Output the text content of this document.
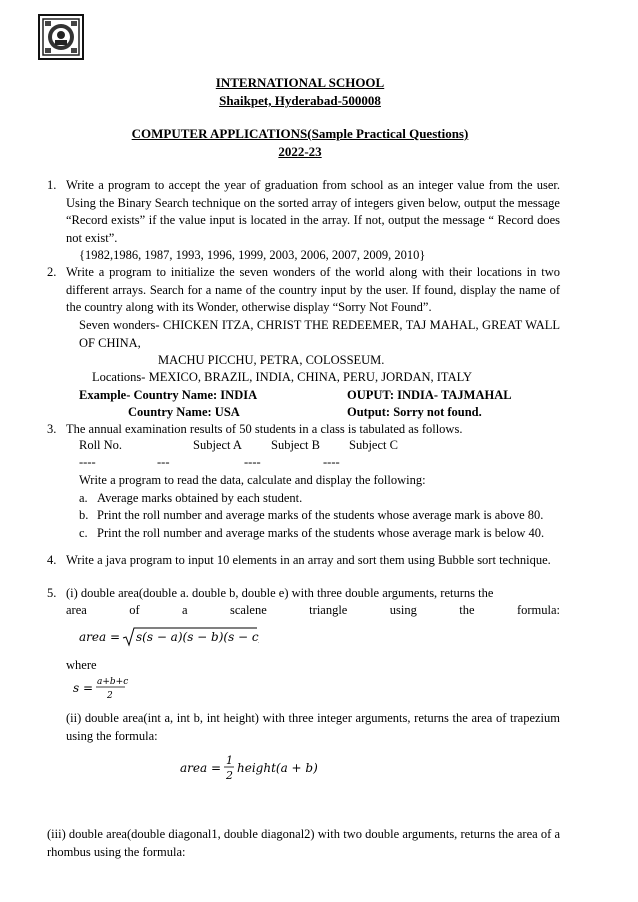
INTERNATIONAL SCHOOL
Shaikpet, Hyderabad-500008
COMPUTER APPLICATIONS(Sample Practical Questions)
2022-23
1. Write a program to accept the year of graduation from school as an integer value from the user. Using the Binary Search technique on the sorted array of integers given below, output the message “Record exists” if the value input is located in the array. If not, output the message “ Record does not exist”.
{1982,1986, 1987, 1993, 1996, 1999, 2003, 2006, 2007, 2009, 2010}
2. Write a program to initialize the seven wonders of the world along with their locations in two different arrays. Search for a name of the country input by the user. If found, display the name of the country along with its Wonder, otherwise display “Sorry Not Found”.
Seven wonders- CHICKEN ITZA, CHRIST THE REDEEMER, TAJ MAHAL, GREAT WALL OF CHINA,
MACHU PICCHU, PETRA, COLOSSEUM.
Locations- MEXICO, BRAZIL, INDIA, CHINA, PERU, JORDAN, ITALY
Example- Country Name: INDIA	OUPUT: INDIA- TAJMAHAL
Country Name: USA	Output: Sorry not found.
3. The annual examination results of 50 students in a class is tabulated as follows.
Roll No.	Subject A Subject B Subject C
----	---	----	----
Write a program to read the data, calculate and display the following:
a. Average marks obtained by each student.
b. Print the roll number and average marks of the students whose average mark is above 80.
c. Print the roll number and average marks of the students whose average mark is below 40.
4. Write a java program to input 10 elements in an array and sort them using Bubble sort technique.
5. (i) double area(double a. double b, double e) with three double arguments, returns the
area of a scalene triangle using the formula:
area = s(s − a)(s − b)(s − c)
where
s = a+b+c
2
(ii) double area(int a, int b, int height) with three integer arguments, returns the area of trapezium using the formula:
area =
1
2
height(a + b)
(iii) double area(double diagonal1, double diagonal2) with two double arguments, returns the area of a rhombus using the formula:
